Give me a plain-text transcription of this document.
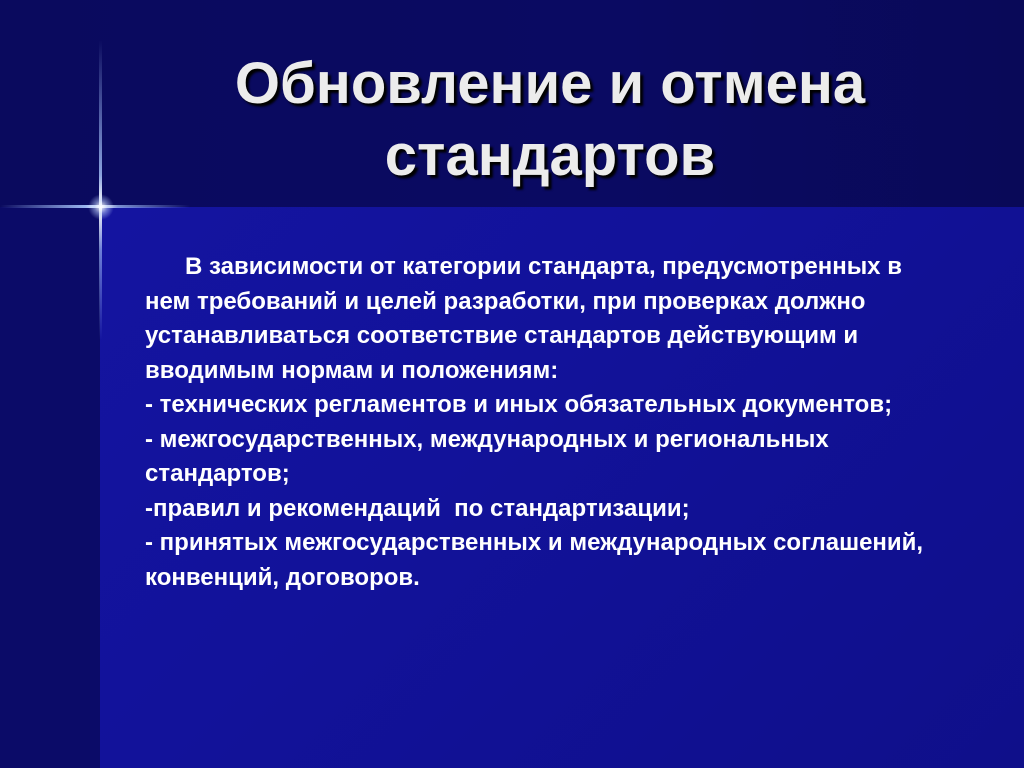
Обновление и отмена
стандартов

В зависимости от категории стандарта, предусмотренных в нем требований и целей разработки, при проверках должно устанавливаться соответствие стандартов действующим и вводимым нормам и положениям:

- технических регламентов и иных обязательных документов;

- межгосударственных, международных и региональных стандартов;

-правил и рекомендаций  по стандартизации;

- принятых межгосударственных и международных соглашений, конвенций, договоров.
